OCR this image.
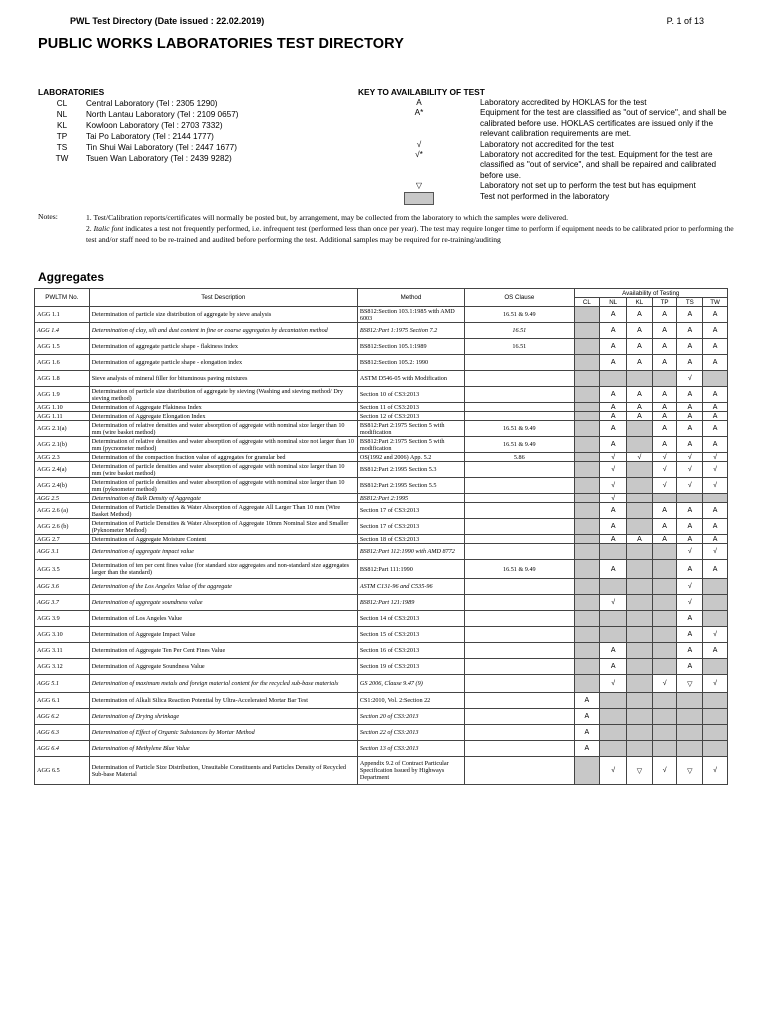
PWL Test Directory (Date issued : 22.02.2019)	P. 1 of 13
PUBLIC WORKS LABORATORIES TEST DIRECTORY
LABORATORIES
CL	Central Laboratory (Tel : 2305 1290)
NL	North Lantau Laboratory (Tel : 2109 0657)
KL	Kowloon Laboratory (Tel : 2703 7332)
TP	Tai Po Laboratory (Tel : 2144 1777)
TS	Tin Shui Wai Laboratory (Tel : 2447 1677)
TW	Tsuen Wan Laboratory (Tel : 2439 9282)
KEY TO AVAILABILITY OF TEST
A	Laboratory accredited by HOKLAS for the test
A*	Equipment for the test are classified as "out of service", and shall be calibrated before use. HOKLAS certificates are issued only if the relevant calibration requirements are met.
√	Laboratory not accredited for the test
√*	Laboratory not accredited for the test. Equipment for the test are classified as "out of service", and shall be repaired and calibrated before use.
▽	Laboratory not set up to perform the test but has equipment
Test not performed in the laboratory
Notes:	1. Test/Calibration reports/certificates will normally be posted but, by arrangement, may be collected from the laboratory to which the samples were delivered.
2. Italic font indicates a test not frequently performed, i.e. infrequent test (performed less than once per year). The test may require longer time to perform if equipment needs to be calibrated prior to performing the test and/or staff need to be re-trained and audited before performing the test. Additional samples may be required for re-training/auditing
Aggregates
PWLTM No.	Test Description	Method	OS Clause	Availability of Testing					
				CL	NL	KL	TP	TS	TW
AGG 1.1	Determination of particle size distribution of aggregate by sieve analysis	BS812:Section 103.1:1985 with AMD 6003	16.51 & 9.49		A	A	A	A	A
AGG 1.4	Determination of clay, silt and dust content in fine or coarse aggregates by decantation method	BS812:Part 1:1975 Section 7.2	16.51		A	A	A	A	A
AGG 1.5	Determination of aggregate particle shape - flakiness index	BS812:Section 105.1:1989	16.51		A	A	A	A	A
AGG 1.6	Determination of aggregate particle shape - elongation index	BS812:Section 105.2: 1990			A	A	A	A	A
AGG 1.8	Sieve analysis of mineral filler for bituminous paving mixtures	ASTM D546-05 with Modification						√	
AGG 1.9	Determination of particle size distribution of aggregate by sieving (Washing and sieving method/ Dry sieving method)	Section 10 of CS3:2013			A	A	A	A	A
AGG 1.10	Determination of Aggregate Flakiness Index	Section 11 of CS3:2013			A	A	A	A	A
AGG 1.11	Determination of Aggregate Elongation Index	Section 12 of CS3:2013			A	A	A	A	A
AGG 2.1(a)	Determination of relative densities and water absorption of aggregate with nominal size larger than 10 mm (wire basket method)	BS812:Part 2:1975 Section 5 with modification	16.51 & 9.49		A		A	A	A
AGG 2.1(b)	Determination of relative densities and water absorption of aggregate with nominal size not larger than 10 mm (pycnometer method)	BS812:Part 2:1975 Section 5 with modification	16.51 & 9.49		A		A	A	A
AGG 2.3	Determination of the compaction fraction value of aggregates for granular bed	OS(1992 and 2006) App. 5.2	5.86		√	√	√	√	√
AGG 2.4(a)	Determination of particle densities and water absorption of aggregate with nominal size larger than 10 mm (wire basket method)	BS812:Part 2:1995 Section 5.3			√		√	√	√
AGG 2.4(b)	Determination of particle densities and water absorption of aggregate with nominal size larger than 10 mm (pyknometer method)	BS812:Part 2:1995 Section 5.5			√		√	√	√
AGG 2.5	Determination of Bulk Density of Aggregate	BS812:Part 2:1995			√				
AGG 2.6 (a)	Determination of Particle Densities & Water Absorption of Aggregate All Larger Than 10 mm (Wire Basket Method)	Section 17 of CS3:2013			A		A	A	A
AGG 2.6 (b)	Determination of Particle Densities & Water Absorption of Aggregate 10mm Nominal Size and Smaller (Pyknometer Method)	Section 17 of CS3:2013			A		A	A	A
AGG 2.7	Determination of Aggregate Moisture Content	Section 18 of CS3:2013			A	A	A	A	A
AGG 3.1	Determination of aggregate impact value	BS812:Part 112:1990 with AMD 8772						√	√
AGG 3.5	Determination of ten per cent fines value (for standard size aggregates and non-standard size aggregates larger than the standard)	BS812:Part 111:1990	16.51 & 9.49		A			A	A
AGG 3.6	Determination of the Los Angeles Value of the aggregate	ASTM C131-96 and C535-96						√	
AGG 3.7	Determination of aggregate soundness value	BS812:Part 121:1989			√			√	
AGG 3.9	Determination of Los Angeles Value	Section 14 of CS3:2013						A	
AGG 3.10	Determination of Aggregate Impact Value	Section 15 of CS3:2013						A	√
AGG 3.11	Determination of Aggregate Ten Per Cent Fines Value	Section 16 of CS3:2013			A			A	A
AGG 3.12	Determination of Aggregate Soundness Value	Section 19 of CS3:2013			A			A	
AGG 5.1	Determination of maximum metals and foreign material content for the recycled sub-base materials	GS 2006, Clause 9.47 (9)			√		√	▽	√
AGG 6.1	Determination of Alkali Silica Reaction Potential by Ultra-Accelerated Mortar Bar Test	CS1:2010, Vol. 2:Section 22		A					
AGG 6.2	Determination of Drying shrinkage	Section 20 of CS3:2013		A					
AGG 6.3	Determination of Effect of Organic Substances by Mortar Method	Section 22 of CS3:2013		A					
AGG 6.4	Determination of Methylene Blue Value	Section 13 of CS3:2013		A					
AGG 6.5	Determination of Particle Size Distribution, Unsuitable Constituents and Particles Density of Recycled Sub-base Material	Appendix 9.2 of Contract Particular Specification Issued by Highways Department			√	▽	√	▽	√
